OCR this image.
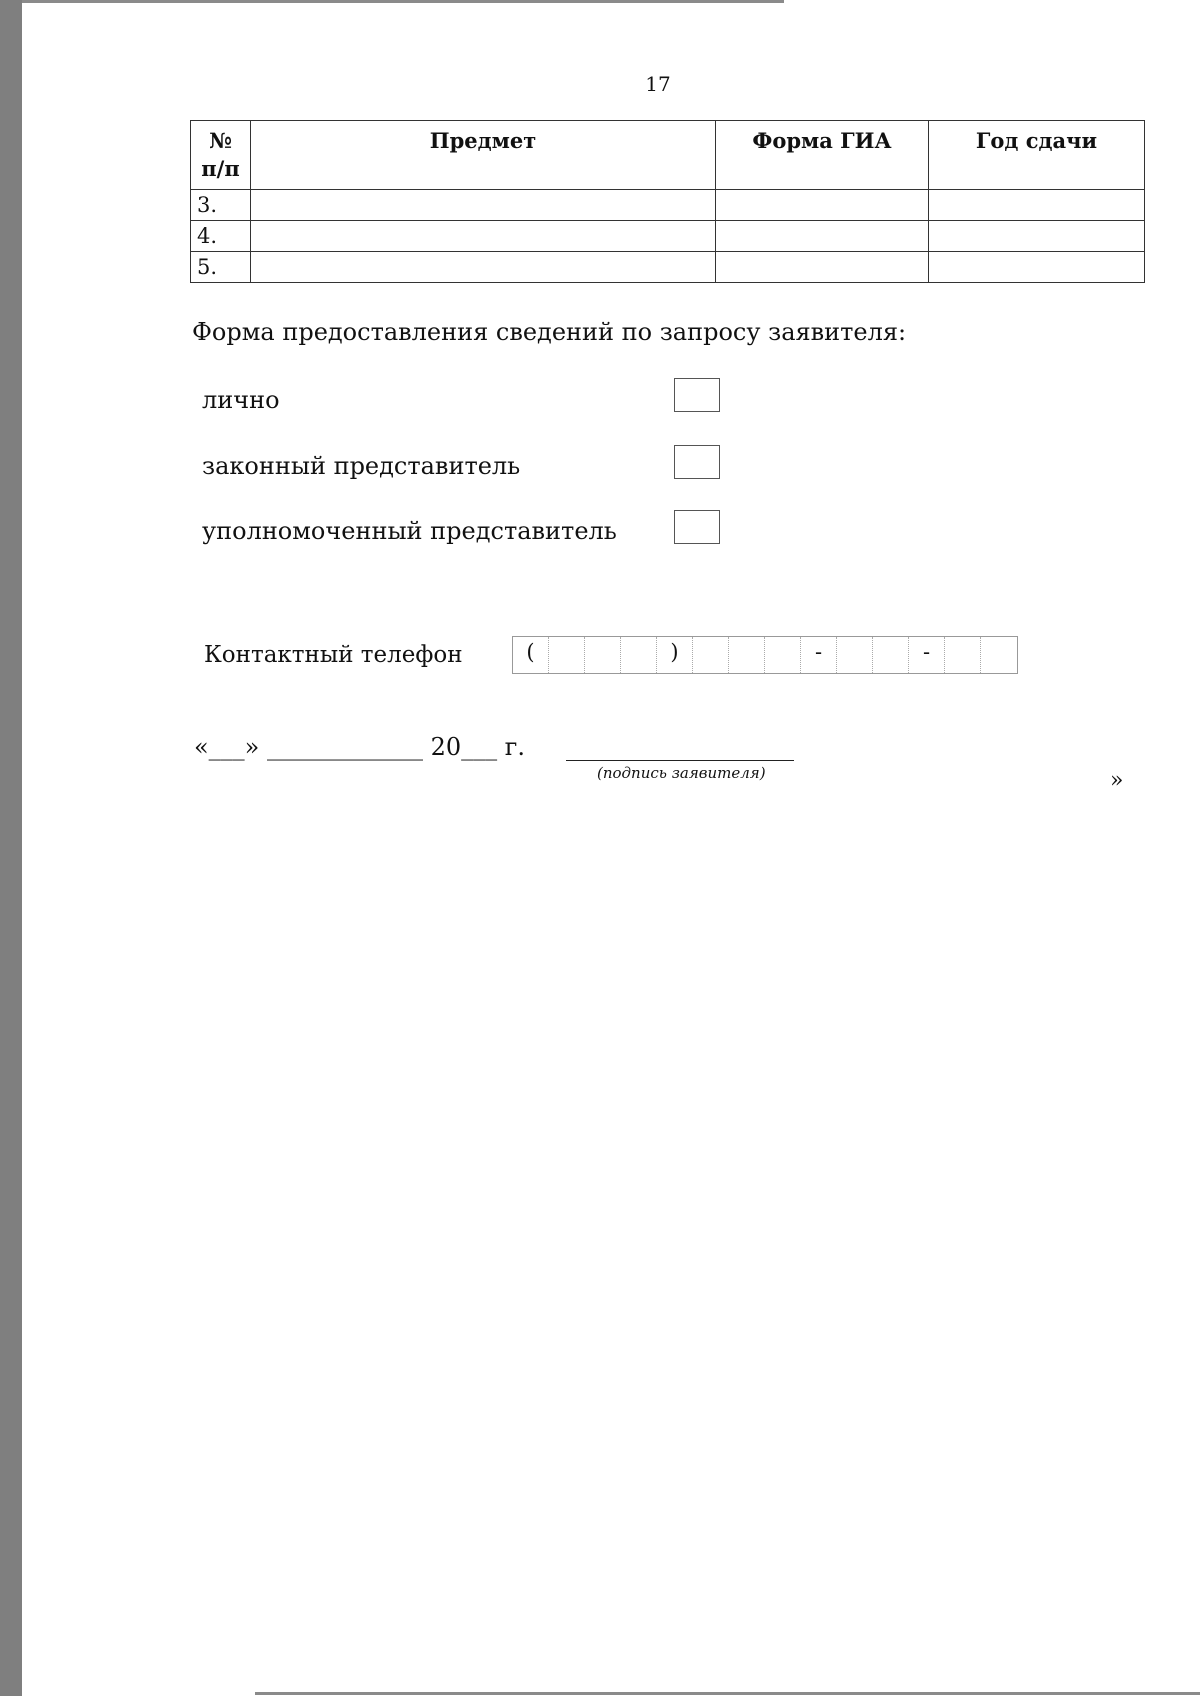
17
№
п/п	Предмет	Форма ГИА	Год сдачи
3.			
4.			
5.			
Форма предоставления сведений по запросу заявителя:
лично
законный представитель
уполномоченный представитель
Контактный телефон	(	)	-	-
«___» _____________ 20___ г.
(подпись заявителя)	»
